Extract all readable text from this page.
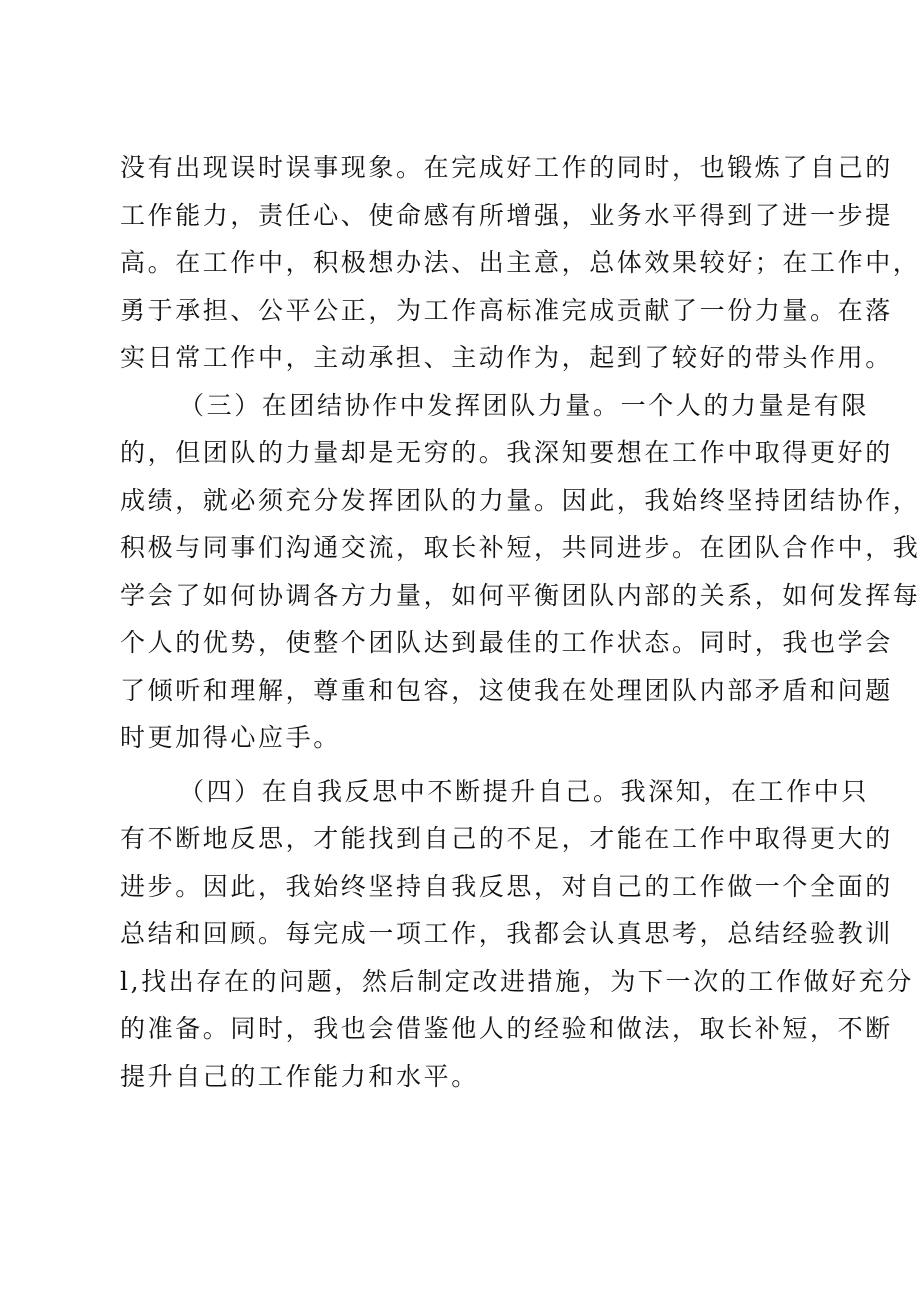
没有出现误时误事现象。在完成好工作的同时，也锻炼了自己的
工作能力，责任心、使命感有所增强，业务水平得到了进一步提
高。在工作中，积极想办法、出主意，总体效果较好；在工作中，
勇于承担、公平公正，为工作高标准完成贡献了一份力量。在落
实日常工作中，主动承担、主动作为，起到了较好的带头作用。
（三）在团结协作中发挥团队力量。一个人的力量是有限
的，但团队的力量却是无穷的。我深知要想在工作中取得更好的
成绩，就必须充分发挥团队的力量。因此，我始终坚持团结协作，
积极与同事们沟通交流，取长补短，共同进步。在团队合作中，我
学会了如何协调各方力量，如何平衡团队内部的关系，如何发挥每
个人的优势，使整个团队达到最佳的工作状态。同时，我也学会
了倾听和理解，尊重和包容，这使我在处理团队内部矛盾和问题
时更加得心应手。
（四）在自我反思中不断提升自己。我深知，在工作中只
有不断地反思，才能找到自己的不足，才能在工作中取得更大的
进步。因此，我始终坚持自我反思，对自己的工作做一个全面的
总结和回顾。每完成一项工作，我都会认真思考，总结经验教训
l,找出存在的问题，然后制定改进措施，为下一次的工作做好充分
的准备。同时，我也会借鉴他人的经验和做法，取长补短，不断
提升自己的工作能力和水平。
